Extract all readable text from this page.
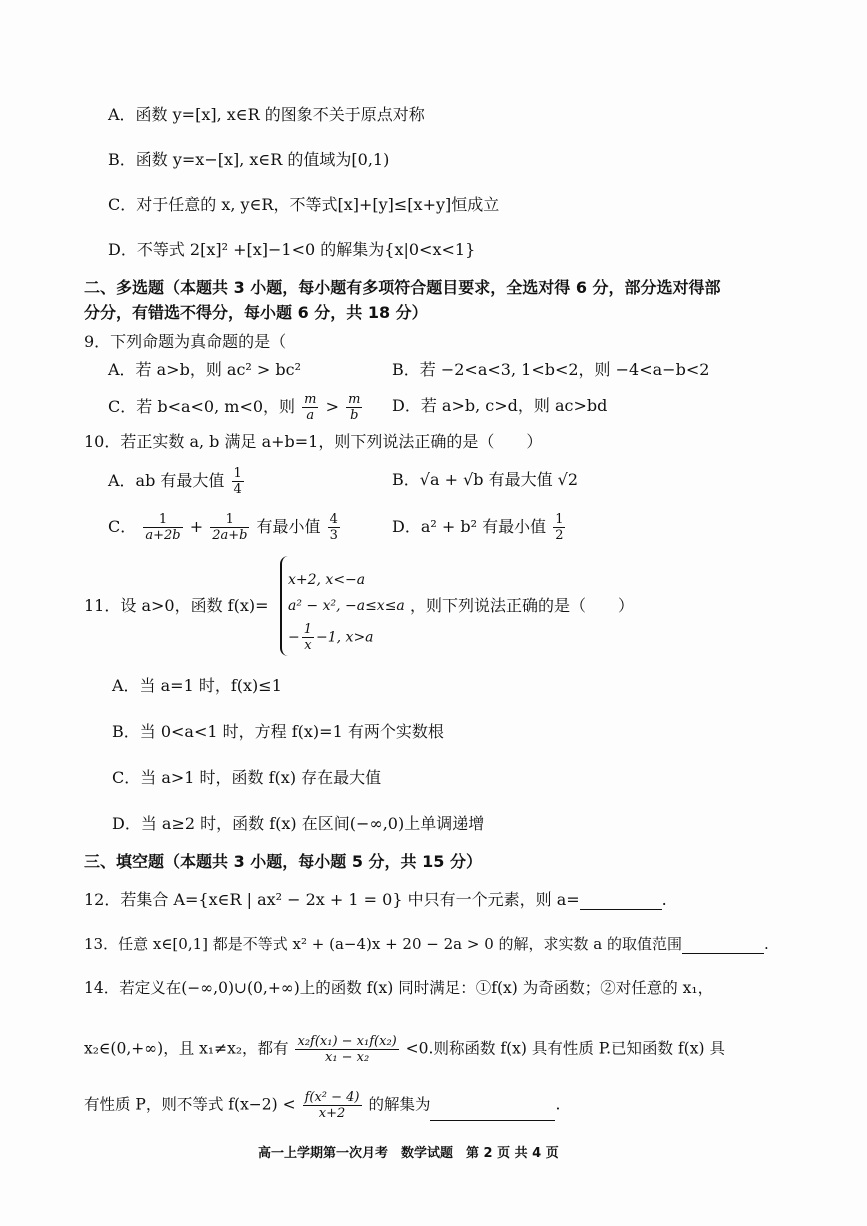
A．函数 y=[x], x∈R 的图象不关于原点对称
B．函数 y=x−[x], x∈R 的值域为[0,1)
C．对于任意的 x, y∈R，不等式[x]+[y]≤[x+y]恒成立
D．不等式 2[x]² +[x]−1<0 的解集为{x|0<x<1}
二、多选题（本题共 3 小题，每小题有多项符合题目要求，全选对得 6 分，部分选对得部
分分，有错选不得分，每小题 6 分，共 18 分）
9．下列命题为真命题的是（
A．若 a>b，则 ac² > bc²	B．若 −2<a<3, 1<b<2，则 −4<a−b<2
C．若 b<a<0, m<0，则 $\frac{m}{a} > \frac{m}{b}$ D．若 a>b, c>d，则 ac>bd
10．若正实数 a, b 满足 a+b=1，则下列说法正确的是（　　）
A．ab 有最大值 $\frac{1}{4}$	B．√a + √b 有最大值 √2
C． $\frac{1}{a+2b} + \frac{1}{2a+b}$ 有最小值 $\frac{4}{3}$	D．a² + b² 有最小值 $\frac{1}{2}$
11．设 a>0，函数 f(x)=
x+2, x<−a
a² − x², −a≤x≤a
− $\frac{1}{x} -1$, x>a
，则下列说法正确的是（　　）
A．当 a=1 时，f(x)≤1
B．当 0<a<1 时，方程 f(x)=1 有两个实数根
C．当 a>1 时，函数 f(x) 存在最大值
D．当 a≥2 时，函数 f(x) 在区间(−∞,0)上单调递增
三、填空题（本题共 3 小题，每小题 5 分，共 15 分）
12．若集合 A={x∈R | ax² − 2x + 1 = 0} 中只有一个元素，则 a=	.
13．任意 x∈[0,1] 都是不等式 x² + (a−4)x + 20 − 2a > 0 的解，求实数 a 的取值范围	.
14．若定义在(−∞,0)∪(0,+∞)上的函数 f(x) 同时满足：①f(x) 为奇函数；②对任意的 x₁，
x₂∈(0,+∞)，且 x₁≠x₂，都有 $\frac{\text{x₂f(x₁) − x₁f(x₂)}}{\text{x₁ − x₂}} <0$.则称函数 f(x) 具有性质 P.已知函数 f(x) 具
有性质 P，则不等式 $f(x-2) < \frac{\text{f(x² − 4)}}{x+2}$ 的解集为	.
高一上学期第一次月考　数学试题　第 2 页 共 4 页
